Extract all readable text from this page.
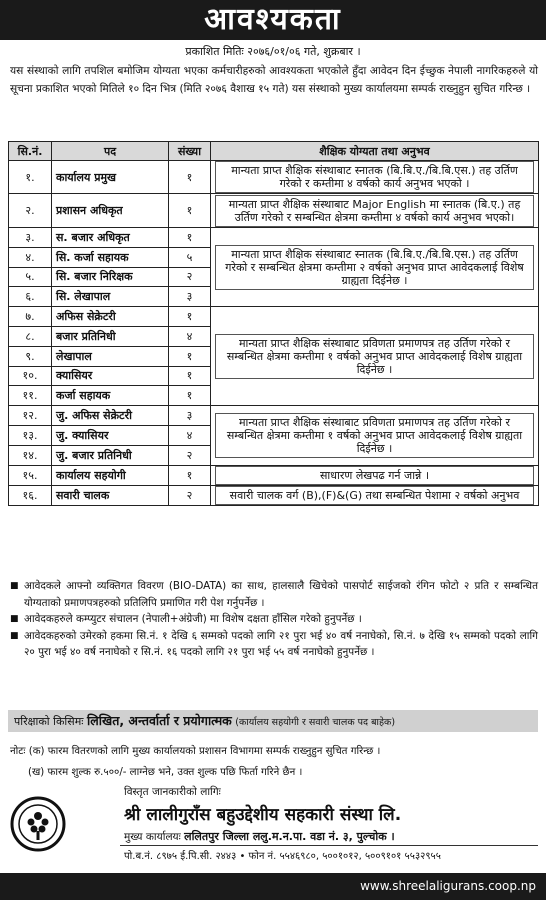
आवश्यकता
प्रकाशित मितिः २०७६/०१/०६ गते, शुक्रबार ।
यस संस्थाको लागि तपशिल बमोजिम योग्यता भएका कर्मचारीहरुको आवश्यकता भएकोले हुँदा आवेदन दिन ईच्छुक नेपाली नागरिकहरुले यो सूचना प्रकाशित भएको मितिले १० दिन भित्र (मिति २०७६ वैशाख १५ गते) यस संस्थाको मुख्य कार्यालयमा सम्पर्क राख्नुहुन सुचित गरिन्छ ।
सि.नं.	पद	संख्या	शैक्षिक योग्यता तथा अनुभव
१.	कार्यालय प्रमुख	१	मान्यता प्राप्त शैक्षिक संस्थाबाट स्नातक (बि.बि.ए./बि.बि.एस.) तह उर्तिण गरेको र कम्तीमा ४ वर्षको कार्य अनुभव भएको ।

२.	प्रशासन अधिकृत	१	मान्यता प्राप्त शैक्षिक संस्थाबाट Major English मा स्नातक (बि.ए.) तह उर्तिण गरेको र सम्बन्धित क्षेत्रमा कम्तीमा ४ वर्षको कार्य अनुभव भएको।

३.	स. बजार अधिकृत	१	मान्यता प्राप्त शैक्षिक संस्थाबाट स्नातक (बि.बि.ए./बि.बि.एस.) तह उर्तिण गरेको र सम्बन्धित क्षेत्रमा कम्तीमा २ वर्षको अनुभव प्राप्त आवेदकलाई विशेष ग्राह्यता दिईनेछ ।

४.	सि. कर्जा सहायक	५	
५.	सि. बजार निरिक्षक	२	
६.	सि. लेखापाल	३	
७.	अफिस सेक्रेटरी	१	मान्यता प्राप्त शैक्षिक संस्थाबाट प्रविणता प्रमाणपत्र तह उर्तिण गरेको र सम्बन्धित क्षेत्रमा कम्तीमा १ वर्षको अनुभव प्राप्त आवेदकलाई विशेष ग्राह्यता दिईनेछ ।

८.	बजार प्रतिनिधी	४	
९.	लेखापाल	१	
१०.	क्यासियर	१	
११.	कर्जा सहायक	१	
१२.	जु. अफिस सेक्रेटरी	३	मान्यता प्राप्त शैक्षिक संस्थाबाट प्रविणता प्रमाणपत्र तह उर्तिण गरेको र सम्बन्धित क्षेत्रमा कम्तीमा १ वर्षको अनुभव प्राप्त आवेदकलाई विशेष ग्राह्यता दिईनेछ ।

१३.	जु. क्यासियर	४	
१४.	जु. बजार प्रतिनिधी	२	
१५.	कार्यालय सहयोगी	१	साधारण लेखपढ गर्न जान्ने ।

१६.	सवारी चालक	२	सवारी चालक वर्ग (B),(F)&(G) तथा सम्बन्धित पेशामा २ वर्षको अनुभव
■ आवेदकले आफ्नो व्यक्तिगत विवरण (BIO-DATA) का साथ, हालसालै खिचेको पासपोर्ट साईजको रंगिन फोटो २ प्रति र सम्बन्धित योग्यताको प्रमाणपत्रहरुको प्रतिलिपि प्रमाणित गरी पेश गर्नुपर्नेछ ।
■ आवेदकहरुले कम्प्युटर संचालन (नेपाली+अंग्रेजी) मा विशेष दक्षता हाँसिल गरेको हुनुपर्नेछ ।
■ आवेदकहरुको उमेरको हकमा सि.नं. १ देखि ६ सम्मको पदको लागि २१ पुरा भई ४० वर्ष ननाघेको, सि.नं. ७ देखि १५ सम्मको पदको लागि २० पुरा भई ४० वर्ष ननाघेको र सि.नं. १६ पदको लागि २१ पुरा भई ५५ वर्ष ननाघेको हुनुपर्नेछ ।
परिक्षाको किसिमः लिखित, अन्तर्वार्ता र प्रयोगात्मक (कार्यालय सहयोगी र सवारी चालक पद बाहेक)
नोटः (क) फारम वितरणको लागि मुख्य कार्यालयको प्रशासन विभागमा सम्पर्क राख्नुहुन सुचित गरिन्छ ।
(ख) फारम शुल्क रु.५००/- लाग्नेछ भने, उक्त शुल्क पछि फिर्ता गरिने छैन ।
विस्तृत जानकारीको लागिः
श्री लालीगुराँस बहुउद्देशीय सहकारी संस्था लि.
मुख्य कार्यालयः ललितपुर जिल्ला ललु.म.न.पा. वडा नं. ३, पुल्चोक ।
पो.ब.नं. ८९७५ ई.पि.सी. २४४३ • फोन नं. ५५४६९८०, ५००१०१२, ५००९१०१ ५५३२९५५
www.shreelaligurans.coop.np
